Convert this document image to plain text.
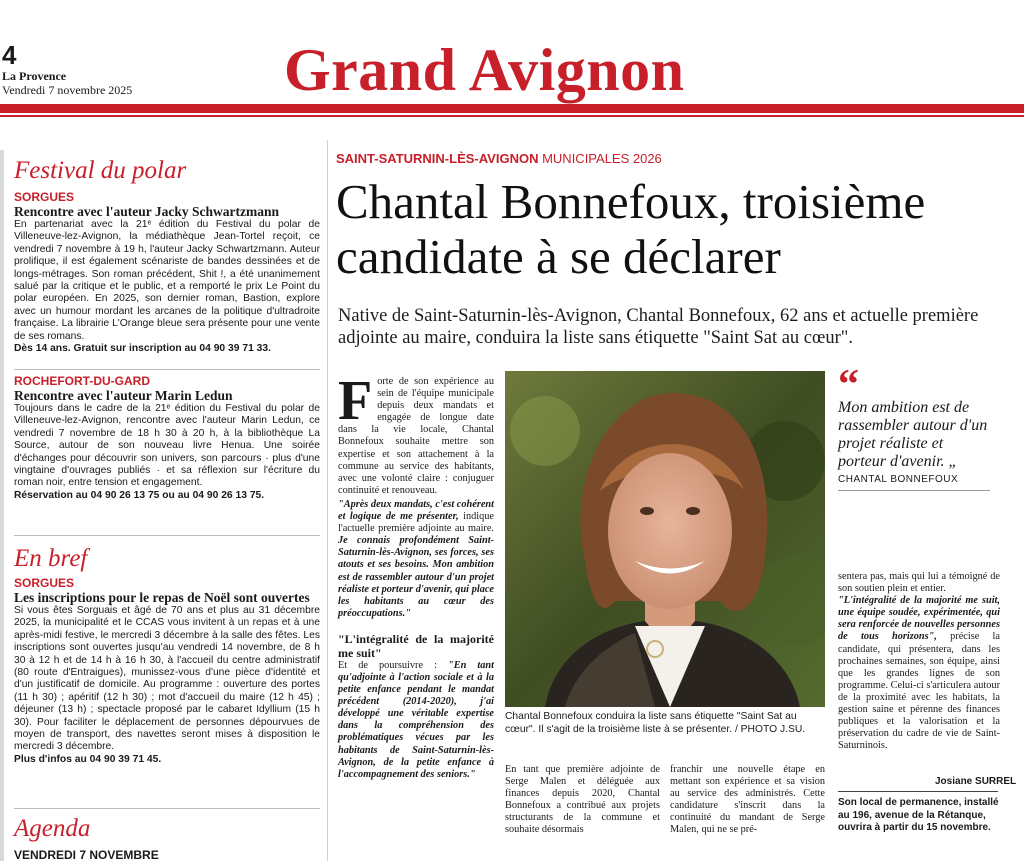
4
La Provence
Vendredi 7 novembre 2025	Grand Avignon
Festival du polar
SORGUES
Rencontre avec l'auteur Jacky Schwartzmann
En partenariat avec la 21ᵉ édition du Festival du polar de Villeneuve-lez-Avignon, la médiathèque Jean-Tortel reçoit, ce vendredi 7 novembre à 19 h, l'auteur Jacky Schwartzmann. Auteur prolifique, il est également scénariste de bandes dessinées et de longs-métrages. Son roman précédent, Shit !, a été unanimement salué par la critique et le public, et a remporté le prix Le Point du polar européen. En 2025, son dernier roman, Bastion, explore avec un humour mordant les arcanes de la politique d'ultradroite française. La librairie L'Orange bleue sera présente pour une vente de ses romans.
Dès 14 ans. Gratuit sur inscription au 04 90 39 71 33.
ROCHEFORT-DU-GARD
Rencontre avec l'auteur Marin Ledun
Toujours dans le cadre de la 21ᵉ édition du Festival du polar de Villeneuve-lez-Avignon, rencontre avec l'auteur Marin Ledun, ce vendredi 7 novembre de 18 h 30 à 20 h, à la bibliothèque La Source, autour de son nouveau livre Henua. Une soirée d'échanges pour découvrir son univers, son parcours · plus d'une vingtaine d'ouvrages publiés · et sa réflexion sur l'écriture du roman noir, entre tension et engagement.
Réservation au 04 90 26 13 75 ou au 04 90 26 13 75.
En bref
SORGUES
Les inscriptions pour le repas de Noël sont ouvertes
Si vous êtes Sorguais et âgé de 70 ans et plus au 31 décembre 2025, la municipalité et le CCAS vous invitent à un repas et à une après-midi festive, le mercredi 3 décembre à la salle des fêtes. Les inscriptions sont ouvertes jusqu'au vendredi 14 novembre, de 8 h 30 à 12 h et de 14 h à 16 h 30, à l'accueil du centre administratif (80 route d'Entraigues), munissez-vous d'une pièce d'identité et d'un justificatif de domicile. Au programme : ouverture des portes (11 h 30) ; apéritif (12 h 30) ; mot d'accueil du maire (12 h 45) ; déjeuner (13 h) ; spectacle proposé par le cabaret Idyllium (15 h 30). Pour faciliter le déplacement de personnes dépourvues de moyen de transport, des navettes seront mises à disposition le mercredi 3 décembre.
Plus d'infos au 04 90 39 71 45.
Agenda
VENDREDI 7 NOVEMBRE
SAINT-SATURNIN-LÈS-AVIGNON MUNICIPALES 2026
Chantal Bonnefoux, troisième candidate à se déclarer
Native de Saint-Saturnin-lès-Avignon, Chantal Bonnefoux, 62 ans et actuelle première adjointe au maire, conduira la liste sans étiquette "Saint Sat au cœur".
Forte de son expérience au sein de l'équipe municipale depuis deux mandats et engagée de longue date dans la vie locale, Chantal Bonnefoux souhaite mettre son expertise et son attachement à la commune au service des habitants, avec une volonté claire : conjuguer continuité et renouveau.
"Après deux mandats, c'est cohérent et logique de me présenter, indique l'actuelle première adjointe au maire. Je connais profondément Saint-Saturnin-lès-Avignon, ses forces, ses atouts et ses besoins. Mon ambition est de rassembler autour d'un projet réaliste et porteur d'avenir, qui place les habitants au cœur des préoccupations."
"L'intégralité de la majorité me suit"
Et de poursuivre : "En tant qu'adjointe à l'action sociale et à la petite enfance pendant le mandat précédent (2014-2020), j'ai développé une véritable expertise dans la compréhension des problématiques vécues par les habitants de Saint-Saturnin-lès-Avignon, de la petite enfance à l'accompagnement des seniors."
Chantal Bonnefoux conduira la liste sans étiquette "Saint Sat au cœur". Il s'agit de la troisième liste à se présenter. / PHOTO J.SU.
En tant que première adjointe de Serge Malen et déléguée aux finances depuis 2020, Chantal Bonnefoux a contribué aux projets structurants de la commune et souhaite désormais
franchir une nouvelle étape en mettant son expérience et sa vision au service des administrés. Cette candidature s'inscrit dans la continuité du mandant de Serge Malen, qui ne se pré-
“
Mon ambition est de rassembler autour d'un projet réaliste et porteur d'avenir. „
CHANTAL BONNEFOUX
sentera pas, mais qui lui a témoigné de son soutien plein et entier.
"L'intégralité de la majorité me suit, une équipe soudée, expérimentée, qui sera renforcée de nouvelles personnes de tous horizons", précise la candidate, qui présentera, dans les prochaines semaines, son équipe, ainsi que les grandes lignes de son programme. Celui-ci s'articulera autour de la proximité avec les habitats, la gestion saine et pérenne des finances publiques et la valorisation et la préservation du cadre de vie de Saint-Saturninois.
Josiane SURREL
Son local de permanence, installé au 196, avenue de la Rétanque, ouvrira à partir du 15 novembre.
